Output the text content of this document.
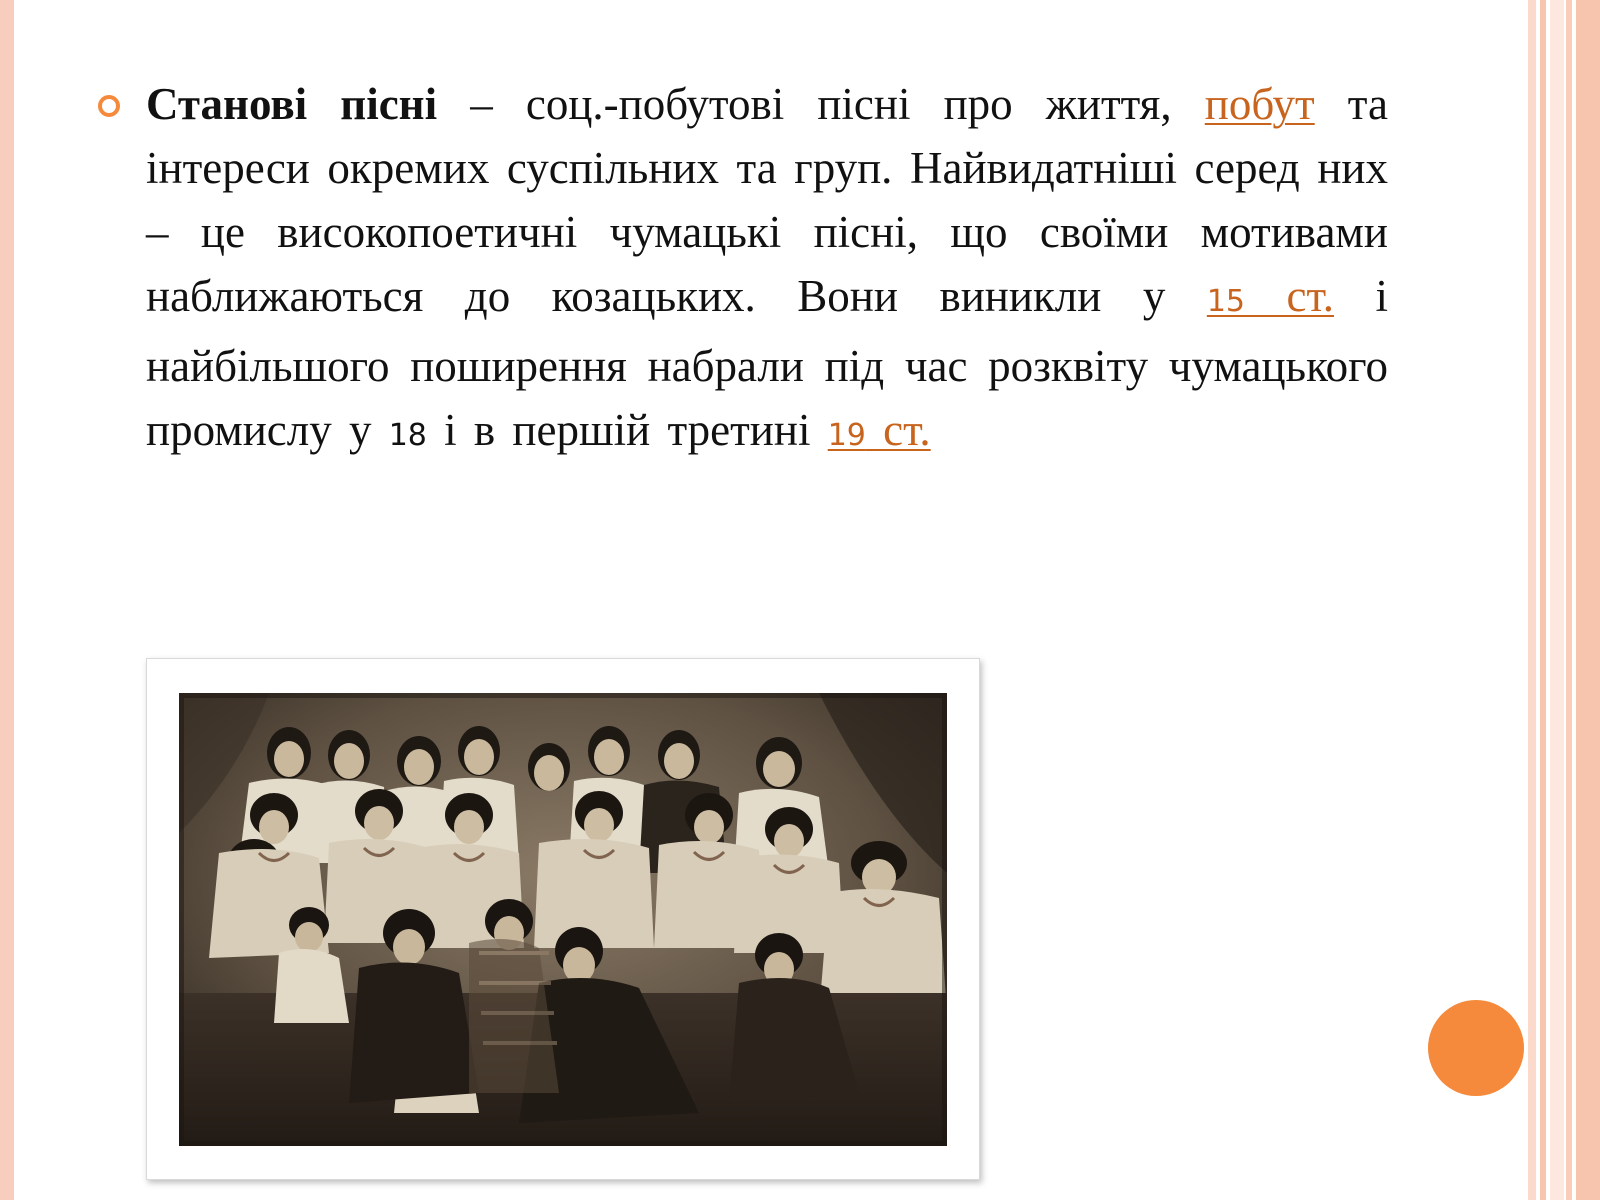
Станові пісні – соц.-побутові пісні про життя, побут та інтереси окремих суспільних та груп. Найвидатніші серед них – це високопоетичні чумацькі пісні, що своїми мотивами наближаються до козацьких. Вони виникли у 15 ст. і найбільшого поширення набрали під час розквіту чумацького промислу у 18 і в першій третині 19 ст.
